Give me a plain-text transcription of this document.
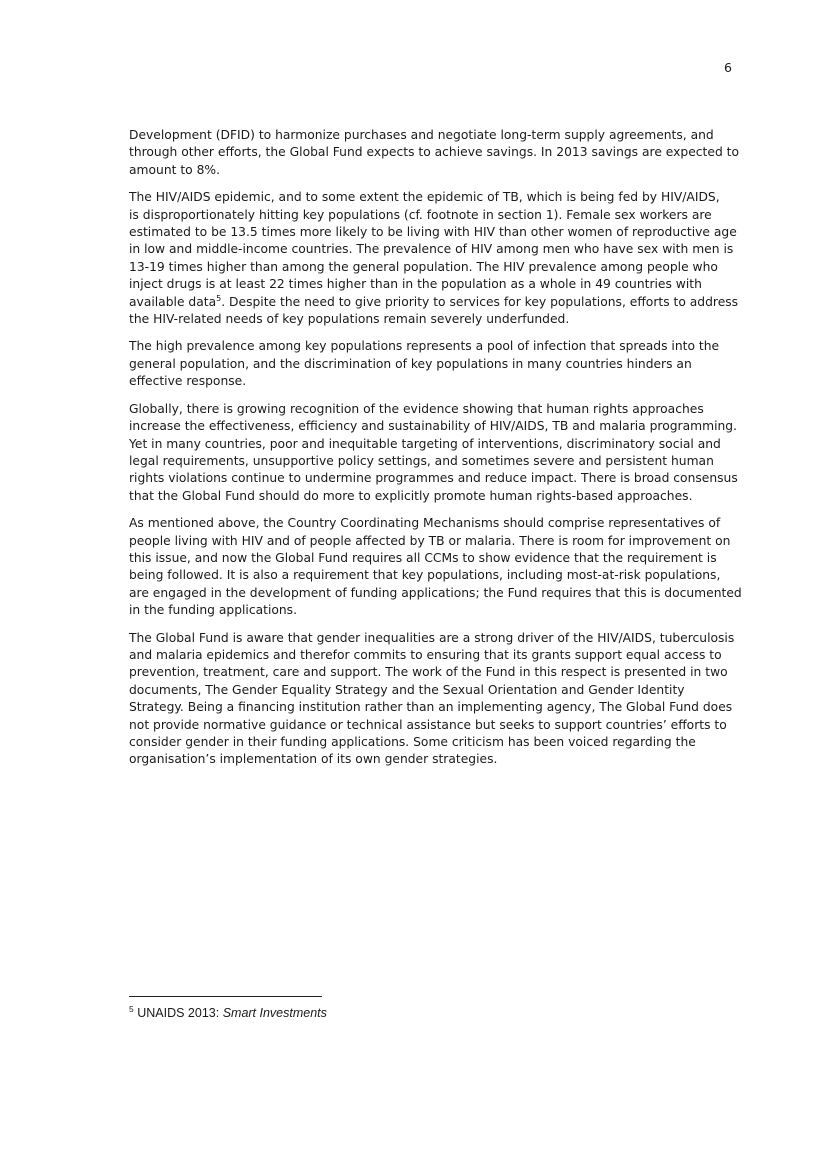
6

Development (DFID) to harmonize purchases and negotiate long-term supply agreements, and
through other efforts, the Global Fund expects to achieve savings. In 2013 savings are expected to
amount to 8%.

The HIV/AIDS epidemic, and to some extent the epidemic of TB, which is being fed by HIV/AIDS,
is disproportionately hitting key populations (cf. footnote in section 1). Female sex workers are
estimated to be 13.5 times more likely to be living with HIV than other women of reproductive age
in low and middle-income countries. The prevalence of HIV among men who have sex with men is
13-19 times higher than among the general population. The HIV prevalence among people who
inject drugs is at least 22 times higher than in the population as a whole in 49 countries with
available data$^5$. Despite the need to give priority to services for key populations, efforts to address
the HIV-related needs of key populations remain severely underfunded.

The high prevalence among key populations represents a pool of infection that spreads into the
general population, and the discrimination of key populations in many countries hinders an
effective response.

Globally, there is growing recognition of the evidence showing that human rights approaches
increase the effectiveness, efficiency and sustainability of HIV/AIDS, TB and malaria programming.
Yet in many countries, poor and inequitable targeting of interventions, discriminatory social and
legal requirements, unsupportive policy settings, and sometimes severe and persistent human
rights violations continue to undermine programmes and reduce impact. There is broad consensus
that the Global Fund should do more to explicitly promote human rights-based approaches.

As mentioned above, the Country Coordinating Mechanisms should comprise representatives of
people living with HIV and of people affected by TB or malaria. There is room for improvement on
this issue, and now the Global Fund requires all CCMs to show evidence that the requirement is
being followed. It is also a requirement that key populations, including most-at-risk populations,
are engaged in the development of funding applications; the Fund requires that this is documented
in the funding applications.

The Global Fund is aware that gender inequalities are a strong driver of the HIV/AIDS, tuberculosis
and malaria epidemics and therefor commits to ensuring that its grants support equal access to
prevention, treatment, care and support. The work of the Fund in this respect is presented in two
documents, The Gender Equality Strategy and the Sexual Orientation and Gender Identity
Strategy. Being a financing institution rather than an implementing agency, The Global Fund does
not provide normative guidance or technical assistance but seeks to support countries’ efforts to
consider gender in their funding applications. Some criticism has been voiced regarding the
organisation’s implementation of its own gender strategies.

$^5$ UNAIDS 2013: Smart Investments
